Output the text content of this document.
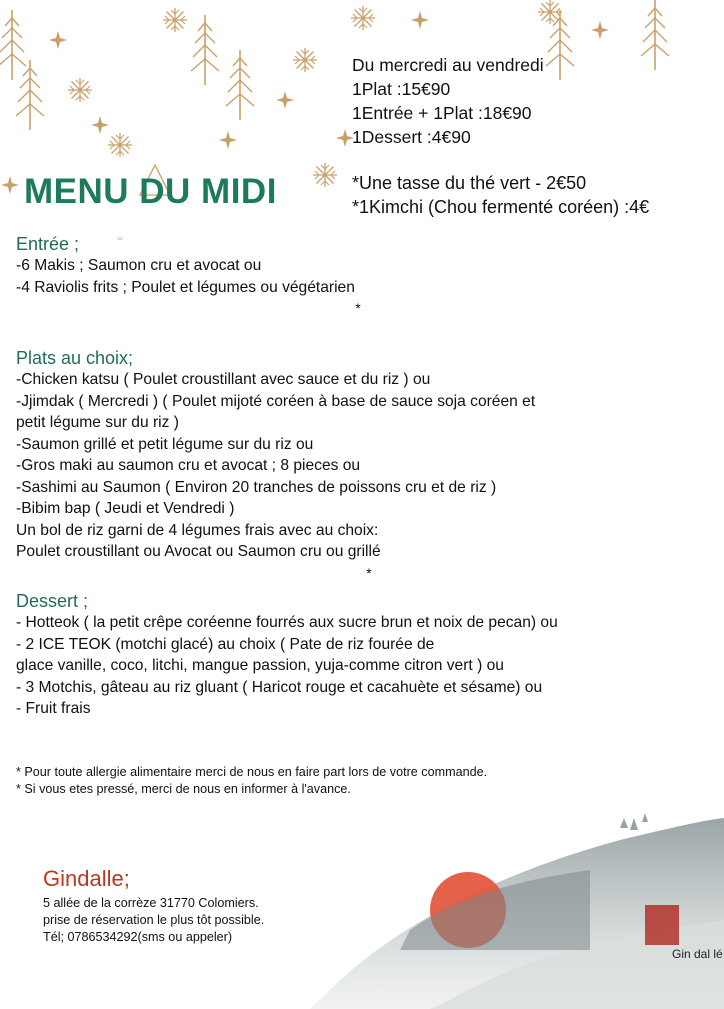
Du mercredi au vendredi
1Plat :15€90
1Entrée + 1Plat :18€90
1Dessert :4€90
*Une tasse du thé vert - 2€50
*1Kimchi (Chou fermenté coréen) :4€
MENU DU MIDI
Entrée ;
-6 Makis ; Saumon cru et avocat ou
-4 Raviolis frits ; Poulet et légumes ou végétarien
*
Plats au choix;
-Chicken katsu ( Poulet croustillant avec sauce et du riz ) ou
-Jjimdak ( Mercredi ) ( Poulet mijoté coréen à base de sauce soja coréen et
petit légume sur du riz )
-Saumon grillé et petit légume sur du riz ou
-Gros maki au saumon cru et avocat ; 8 pieces ou
-Sashimi au Saumon ( Environ 20 tranches de poissons cru et de riz )
-Bibim bap ( Jeudi et Vendredi )
Un bol de riz garni de 4 légumes frais avec au choix:
Poulet croustillant ou Avocat ou Saumon cru ou grillé
*
Dessert ;
- Hotteok ( la petit crêpe coréenne fourrés aux sucre brun et noix de pecan) ou
- 2 ICE TEOK (motchi glacé) au choix ( Pate de riz fourée de
glace vanille, coco, litchi, mangue passion, yuja-comme citron vert ) ou
- 3 Motchis, gâteau au riz gluant ( Haricot rouge et cacahuète et sésame) ou
- Fruit frais
* Pour toute allergie alimentaire merci de nous en faire part lors de votre commande.
* Si vous etes pressé, merci de nous en informer à l'avance.
Gindalle;
5 allée de la corrèze 31770 Colomiers.
prise de réservation le plus tôt possible.
Tél; 0786534292(sms ou appeler)
Gin dal lé
